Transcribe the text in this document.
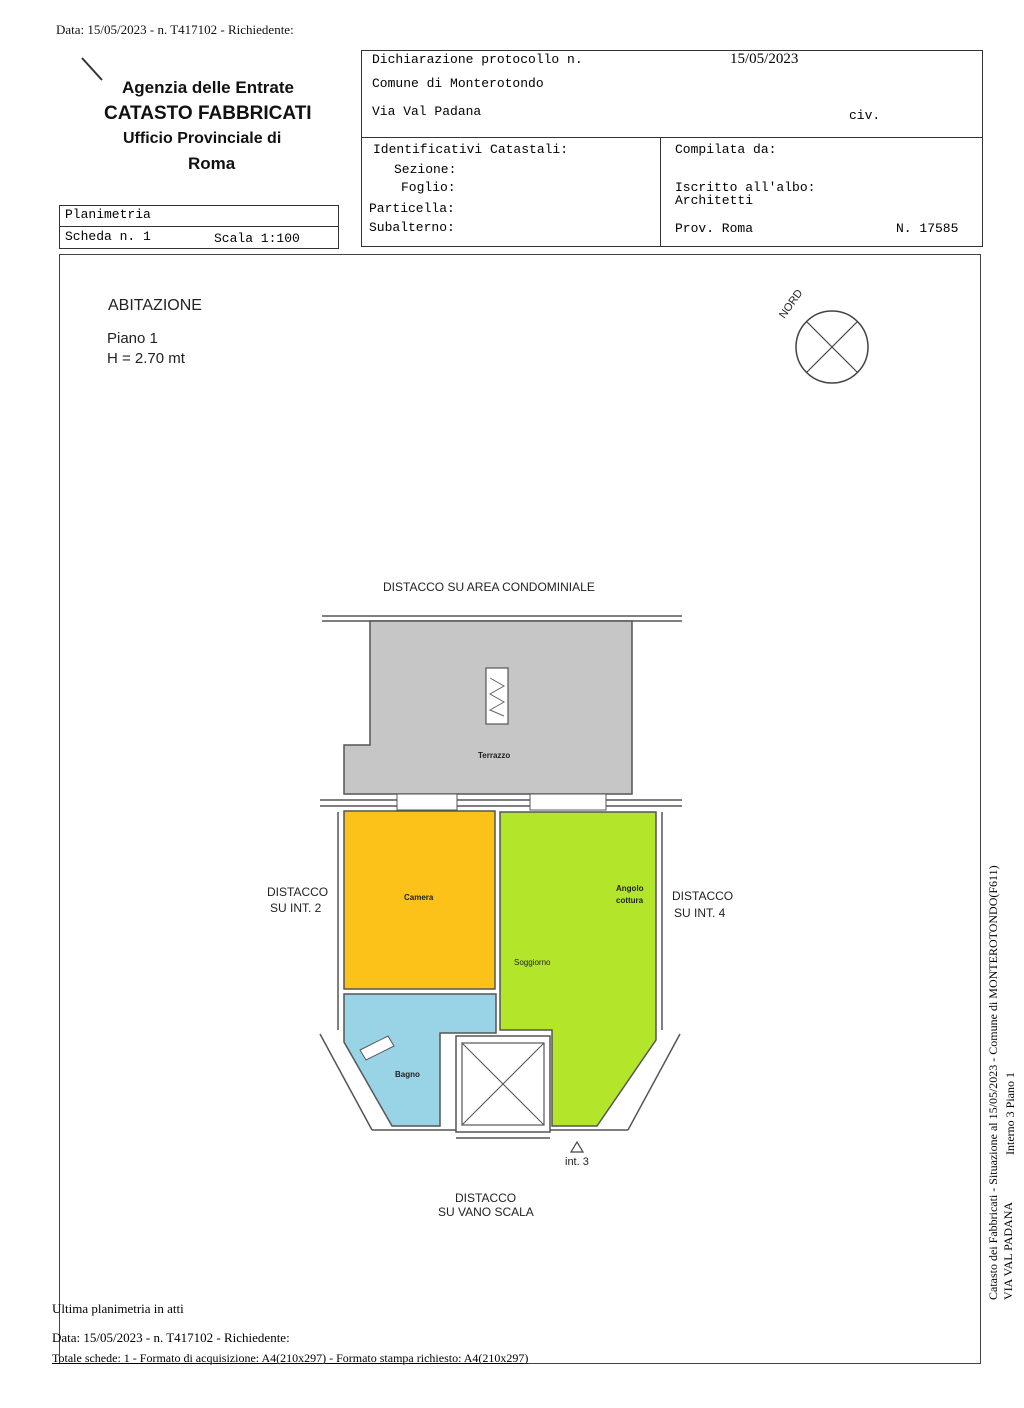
Data: 15/05/2023 - n. T417102 - Richiedente:
Agenzia delle Entrate
CATASTO FABBRICATI
Ufficio Provinciale di
Roma
Planimetria
Scheda n. 1	Scala 1:100
Dichiarazione protocollo n.	15/05/2023
Comune di Monterotondo
Via Val Padana	civ.
Identificativi Catastali:
Sezione:
Foglio:
Particella:
Subalterno:
Compilata da:
Iscritto all'albo:
Architetti
Prov. Roma	N. 17585
ABITAZIONE
Piano 1
H = 2.70 mt
NORD
DISTACCO SU AREA CONDOMINIALE
Terrazzo
Camera
Angolo
cottura
Soggiorno
Bagno
DISTACCO
SU INT. 2
DISTACCO
SU INT. 4
int. 3
DISTACCO
SU VANO SCALA	Catasto dei Fabbricati - Situazione al 15/05/2023 - Comune di MONTEROTONDO(F611) VIA VAL PADANA
Interno 3 Piano 1
Ultima planimetria in atti
Data: 15/05/2023 - n. T417102 - Richiedente:
Totale schede: 1 - Formato di acquisizione: A4(210x297) - Formato stampa richiesto: A4(210x297)
